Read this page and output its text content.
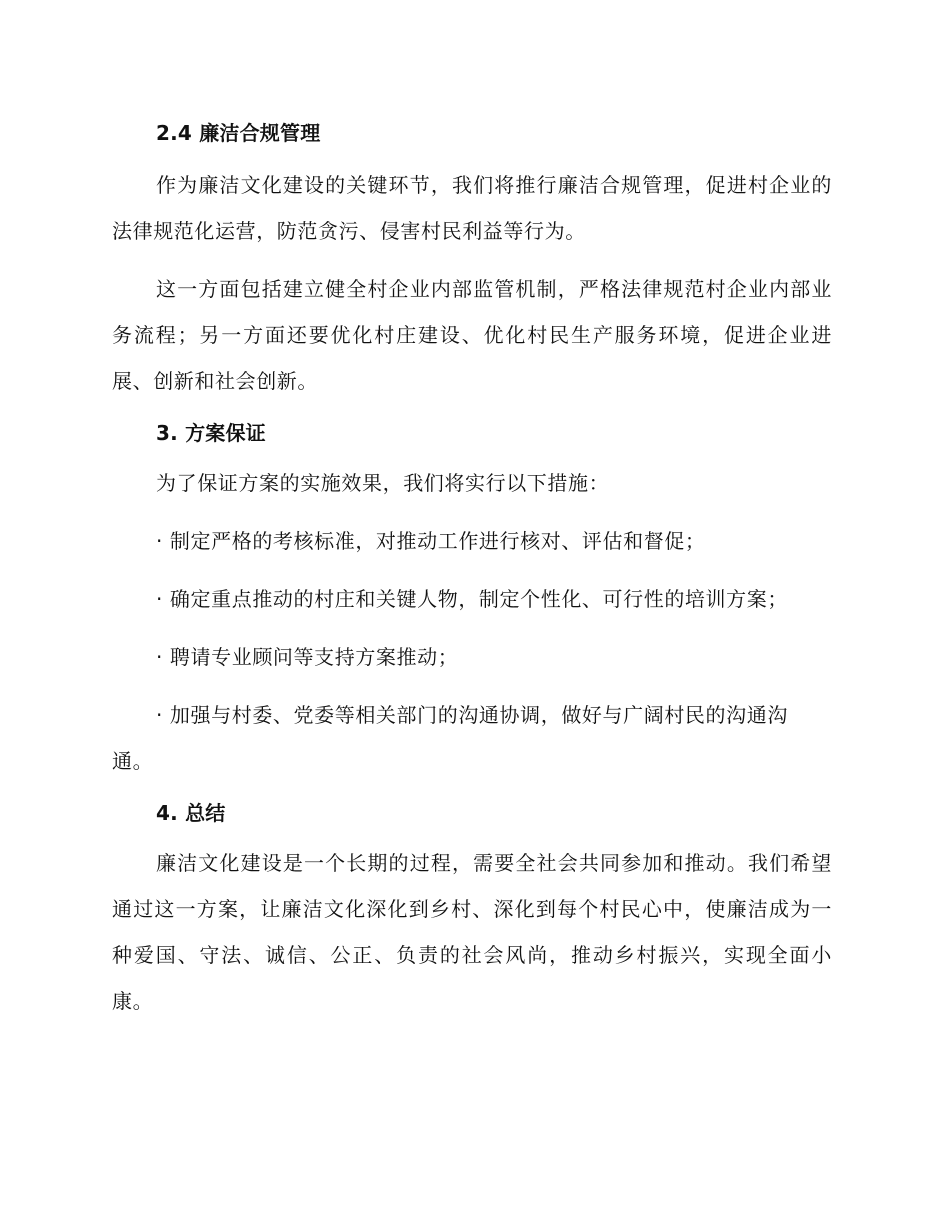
2.4 廉洁合规管理

作为廉洁文化建设的关键环节，我们将推行廉洁合规管理，促进村企业的法律规范化运营，防范贪污、侵害村民利益等行为。

这一方面包括建立健全村企业内部监管机制，严格法律规范村企业内部业务流程；另一方面还要优化村庄建设、优化村民生产服务环境，促进企业进展、创新和社会创新。

3. 方案保证

为了保证方案的实施效果，我们将实行以下措施：

· 制定严格的考核标准，对推动工作进行核对、评估和督促；

· 确定重点推动的村庄和关键人物，制定个性化、可行性的培训方案；

· 聘请专业顾问等支持方案推动；

· 加强与村委、党委等相关部门的沟通协调，做好与广阔村民的沟通沟
通。
4. 总结

廉洁文化建设是一个长期的过程，需要全社会共同参加和推动。我们希望通过这一方案，让廉洁文化深化到乡村、深化到每个村民心中，使廉洁成为一种爱国、守法、诚信、公正、负责的社会风尚，推动乡村振兴，实现全面小康。
